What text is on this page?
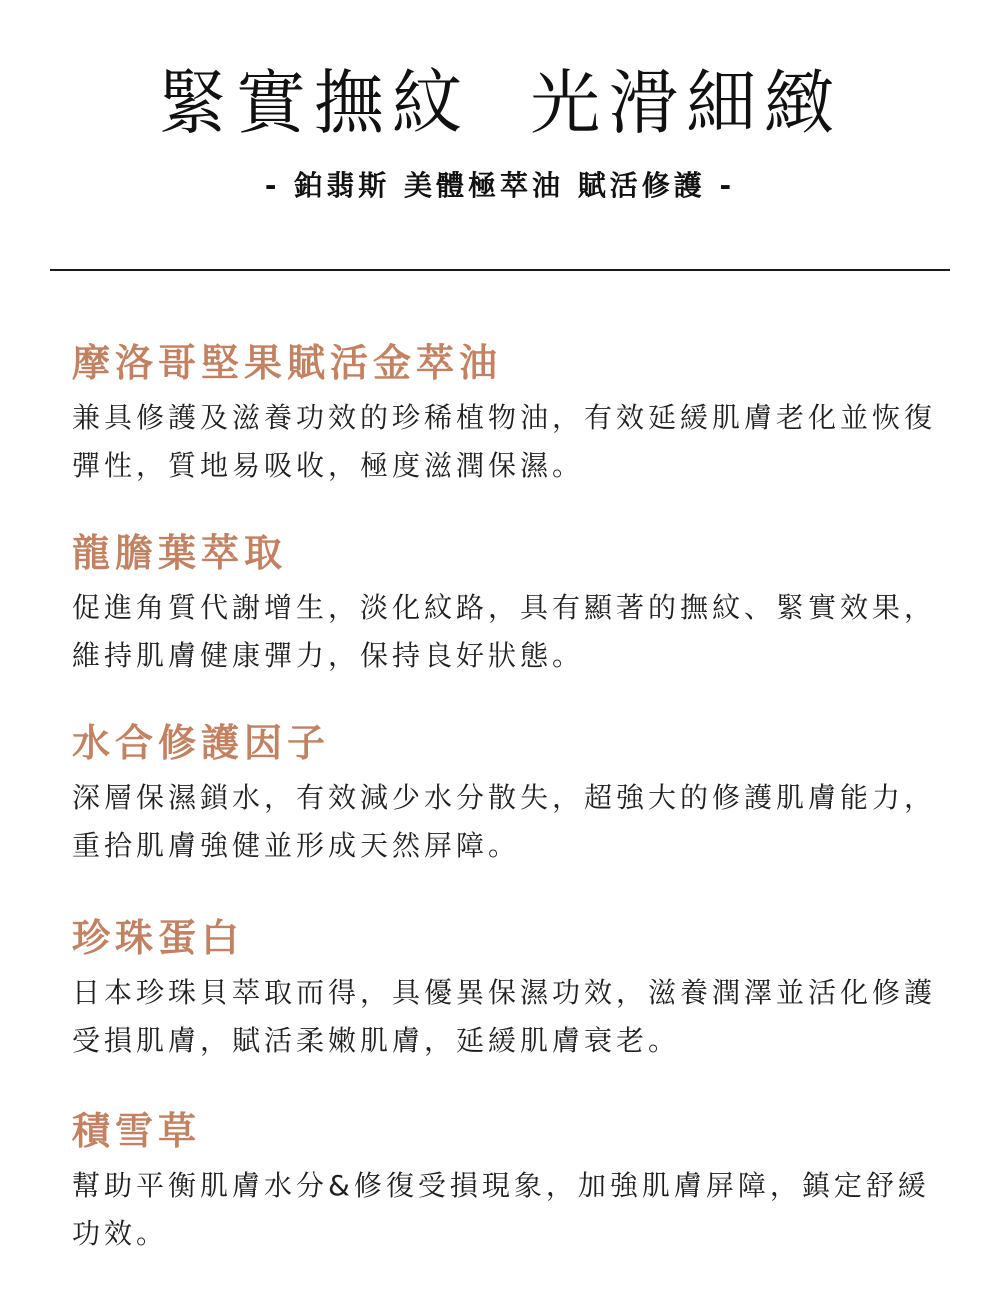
緊實撫紋  光滑細緻
- 鉑翡斯 美體極萃油 賦活修護 -
摩洛哥堅果賦活金萃油

兼具修護及滋養功效的珍稀植物油，有效延緩肌膚老化並恢復彈性，質地易吸收，極度滋潤保濕。

龍膽葉萃取

促進角質代謝增生，淡化紋路，具有顯著的撫紋、緊實效果，維持肌膚健康彈力，保持良好狀態。

水合修護因子

深層保濕鎖水，有效減少水分散失，超強大的修護肌膚能力，重拾肌膚強健並形成天然屏障。

珍珠蛋白

日本珍珠貝萃取而得，具優異保濕功效，滋養潤澤並活化修護受損肌膚，賦活柔嫩肌膚，延緩肌膚衰老。

積雪草

幫助平衡肌膚水分&修復受損現象，加強肌膚屏障，鎮定舒緩功效。
